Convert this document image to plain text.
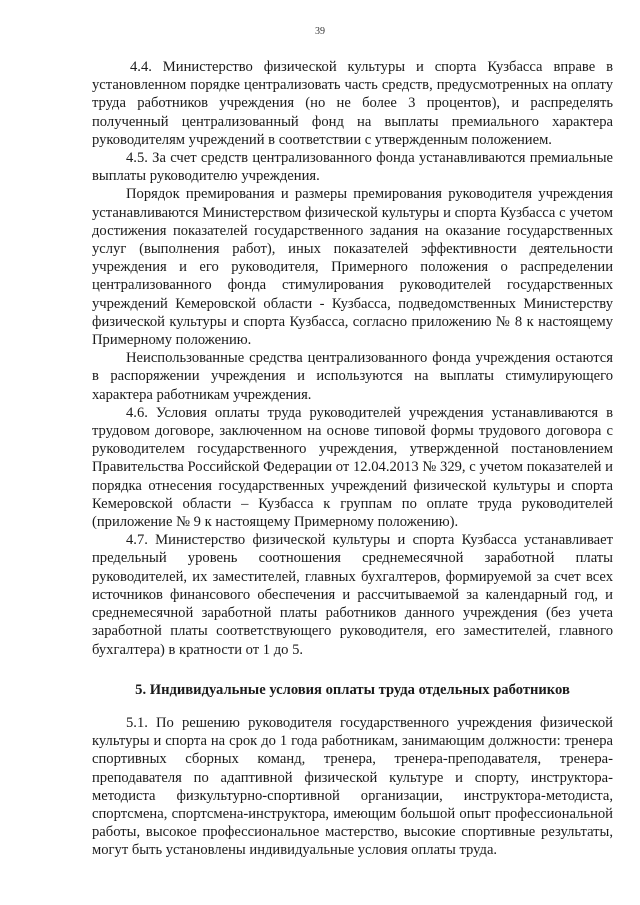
39

4.4. Министерство физической культуры и спорта Кузбасса вправе в установленном порядке централизовать часть средств, предусмотренных на оплату труда работников учреждения (но не более 3 процентов), и распределять полученный централизованный фонд на выплаты премиального характера руководителям учреждений в соответствии с утвержденным положением.

4.5. За счет средств централизованного фонда устанавливаются премиальные выплаты руководителю учреждения.

Порядок премирования и размеры премирования руководителя учреждения устанавливаются Министерством физической культуры и спорта Кузбасса с учетом достижения показателей государственного задания на оказание государственных услуг (выполнения работ), иных показателей эффективности деятельности учреждения и его руководителя, Примерного положения о распределении централизованного фонда стимулирования руководителей государственных учреждений Кемеровской области - Кузбасса, подведомственных Министерству физической культуры и спорта Кузбасса, согласно приложению № 8 к настоящему Примерному положению.

Неиспользованные средства централизованного фонда учреждения остаются в распоряжении учреждения и используются на выплаты стимулирующего характера работникам учреждения.

4.6. Условия оплаты труда руководителей учреждения устанавливаются в трудовом договоре, заключенном на основе типовой формы трудового договора с руководителем государственного учреждения, утвержденной постановлением Правительства Российской Федерации от 12.04.2013 № 329, с учетом показателей и порядка отнесения государственных учреждений физической культуры и спорта Кемеровской области – Кузбасса к группам по оплате труда руководителей (приложение № 9 к настоящему Примерному положению).

4.7. Министерство физической культуры и спорта Кузбасса устанавливает предельный уровень соотношения среднемесячной заработной платы руководителей, их заместителей, главных бухгалтеров, формируемой за счет всех источников финансового обеспечения и рассчитываемой за календарный год, и среднемесячной заработной платы работников данного учреждения (без учета заработной платы соответствующего руководителя, его заместителей, главного бухгалтера) в кратности от 1 до 5.

5. Индивидуальные условия оплаты труда отдельных работников

5.1. По решению руководителя государственного учреждения физической культуры и спорта на срок до 1 года работникам, занимающим должности: тренера спортивных сборных команд, тренера, тренера-преподавателя, тренера-преподавателя по адаптивной физической культуре и спорту, инструктора-методиста физкультурно-спортивной организации, инструктора-методиста, спортсмена, спортсмена-инструктора, имеющим большой опыт профессиональной работы, высокое профессиональное мастерство, высокие спортивные результаты, могут быть установлены индивидуальные условия оплаты труда.
